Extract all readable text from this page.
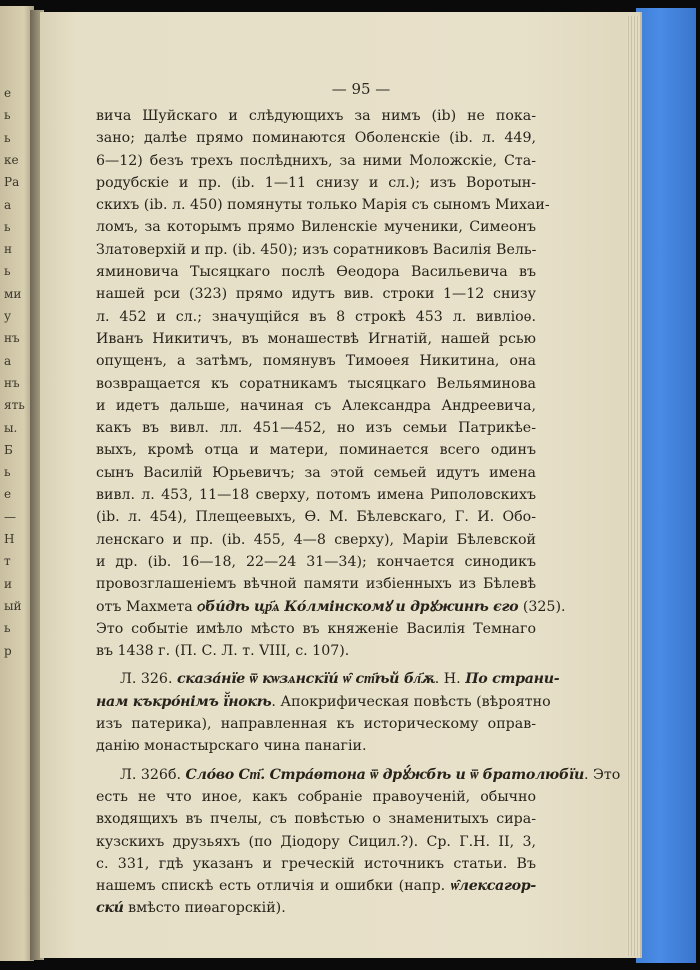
е
ь
ь
ке
Ра
а
ь
н
ь
ми
у
нъ
а
нъ
ять
ы.
Б
ь
е
—
Н
т
и
ый
ь
р
— 95 —
вича Шуйскаго и слѣдующихъ за нимъ (ib) не пока-
зано; далѣе прямо поминаются Оболенскіе (ib. л. 449,
6—12) безъ трехъ послѣднихъ, за ними Моложскіе, Ста-
родубскіе и пр. (ib. 1—11 снизу и сл.); изъ Воротын-
скихъ (ib. л. 450) помянуты только Марія съ сыномъ Михаи-
ломъ, за которымъ прямо Виленскіе мученики, Симеонъ
Златоверхій и пр. (ib. 450); изъ соратниковъ Василія Вель-
яминовича Тысяцкаго послѣ Ѳеодора Васильевича въ
нашей рси (323) прямо идутъ вив. строки 1—12 снизу
л. 452 и сл.; значущійся въ 8 строкѣ 453 л. вивліоѳ.
Иванъ Никитичъ, въ монашествѣ Игнатій, нашей рсью
опущенъ, а затѣмъ, помянувъ Тимоѳея Никитина, она
возвращается къ соратникамъ тысяцкаго Вельяминова
и идетъ дальше, начиная съ Александра Андреевича,
какъ въ вивл. лл. 451—452, но изъ семьи Патрикѣе-
выхъ, кромѣ отца и матери, поминается всего одинъ
сынъ Василій Юрьевичъ; за этой семьей идутъ имена
вивл. л. 453, 11—18 сверху, потомъ имена Риполовскихъ
(ib. л. 454), Плещеевыхъ, Ѳ. М. Бѣлевскаго, Г. И. Обо-
ленскаго и пр. (ib. 455, 4—8 сверху), Маріи Бѣлевской
и др. (ib. 16—18, 22—24 31—34); кончается синодикъ
провозглашеніемъ вѣчной памяти избіенныхъ из Бѣлевѣ
отъ Махмета ѻ҆би́дѣ цр҃ѧ Ко́лмінскомꙋ и дрꙋжинѣ єго (325).
Это событіе имѣло мѣсто въ княженіе Василія Темнаго
въ 1438 г. (П. С. Л. т. VIII, с. 107).
Л. 326. сказа́нїе ѿ кѡзѧнскїи́ ѡ̑ ст҃ѣй бл҃ѫ. Н. По страни-
нам къкро́німъ ї̆нокѣ. Апокрифическая повѣсть (вѣроятно
изъ патерика), направленная къ историческому оправ-
данію монастырскаго чина панагіи.
Л. 326б. Сло́во Ст҃. Стра́ѳтона ѿ дрꙋ́жбѣ и ѿ братолюбїи. Это
есть не что иное, какъ собраніе правоученій, обычно
входящихъ въ пчелы, съ повѣстью о знаменитыхъ сира-
кузскихъ друзьяхъ (по Діодору Сицил.?). Ср. Г.Н. II, 3,
с. 331, гдѣ указанъ и греческій источникъ статьи. Въ
нашемъ спискѣ есть отличія и ошибки (напр. ѡ̑лексагор-
ски́ вмѣсто пиѳагорскій).
